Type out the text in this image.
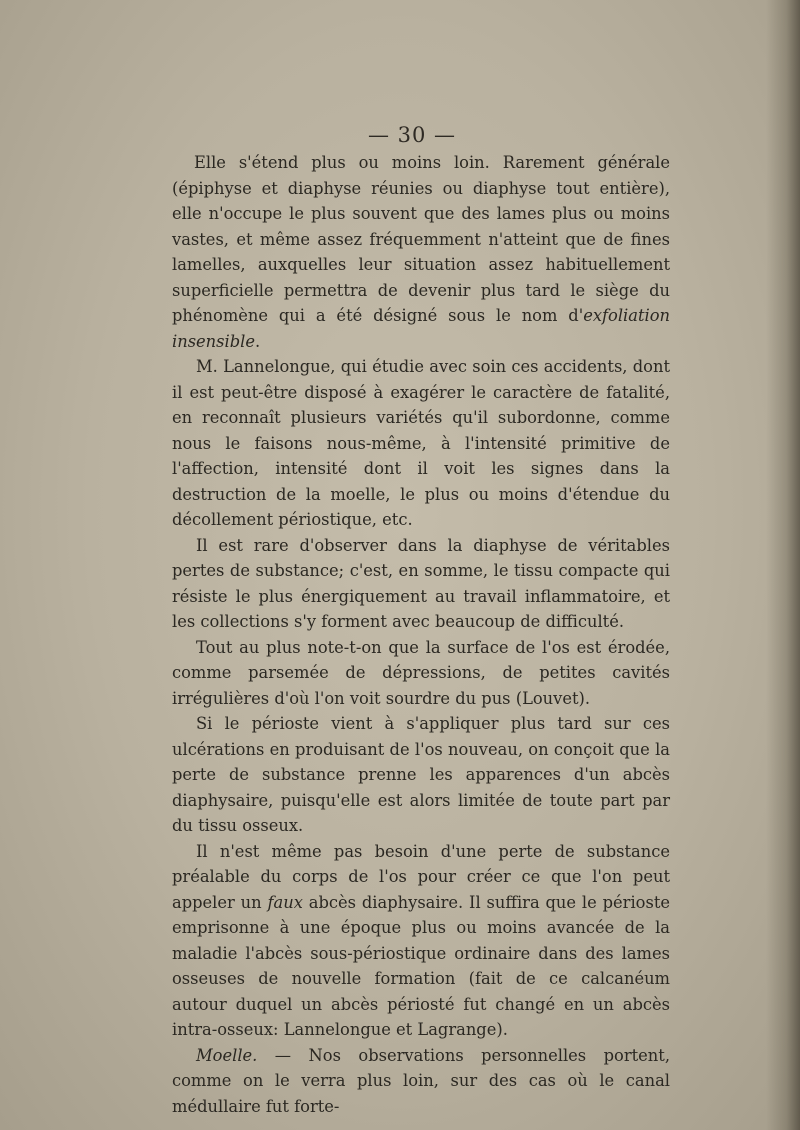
— 30 —

Elle s'étend plus ou moins loin. Rarement générale (épiphyse et diaphyse réunies ou diaphyse tout entière), elle n'occupe le plus souvent que des lames plus ou moins vastes, et même assez fréquemment n'atteint que de fines lamelles, auxquelles leur situation assez habituellement superficielle permettra de devenir plus tard le siège du phénomène qui a été désigné sous le nom d'exfoliation insensible.

M. Lannelongue, qui étudie avec soin ces accidents, dont il est peut-être disposé à exagérer le caractère de fatalité, en reconnaît plusieurs variétés qu'il subordonne, comme nous le faisons nous-même, à l'intensité primitive de l'affection, intensité dont il voit les signes dans la destruction de la moelle, le plus ou moins d'étendue du décollement périostique, etc.

Il est rare d'observer dans la diaphyse de véritables pertes de substance; c'est, en somme, le tissu compacte qui résiste le plus énergiquement au travail inflammatoire, et les collections s'y forment avec beaucoup de difficulté.

Tout au plus note-t-on que la surface de l'os est érodée, comme parsemée de dépressions, de petites cavités irrégulières d'où l'on voit sourdre du pus (Louvet).

Si le périoste vient à s'appliquer plus tard sur ces ulcérations en produisant de l'os nouveau, on conçoit que la perte de substance prenne les apparences d'un abcès diaphysaire, puisqu'elle est alors limitée de toute part par du tissu osseux.

Il n'est même pas besoin d'une perte de substance préalable du corps de l'os pour créer ce que l'on peut appeler un faux abcès diaphysaire. Il suffira que le périoste emprisonne à une époque plus ou moins avancée de la maladie l'abcès sous-périostique ordinaire dans des lames osseuses de nouvelle formation (fait de ce calcanéum autour duquel un abcès périosté fut changé en un abcès intra-osseux: Lannelongue et Lagrange).

Moelle. — Nos observations personnelles portent, comme on le verra plus loin, sur des cas où le canal médullaire fut forte-
